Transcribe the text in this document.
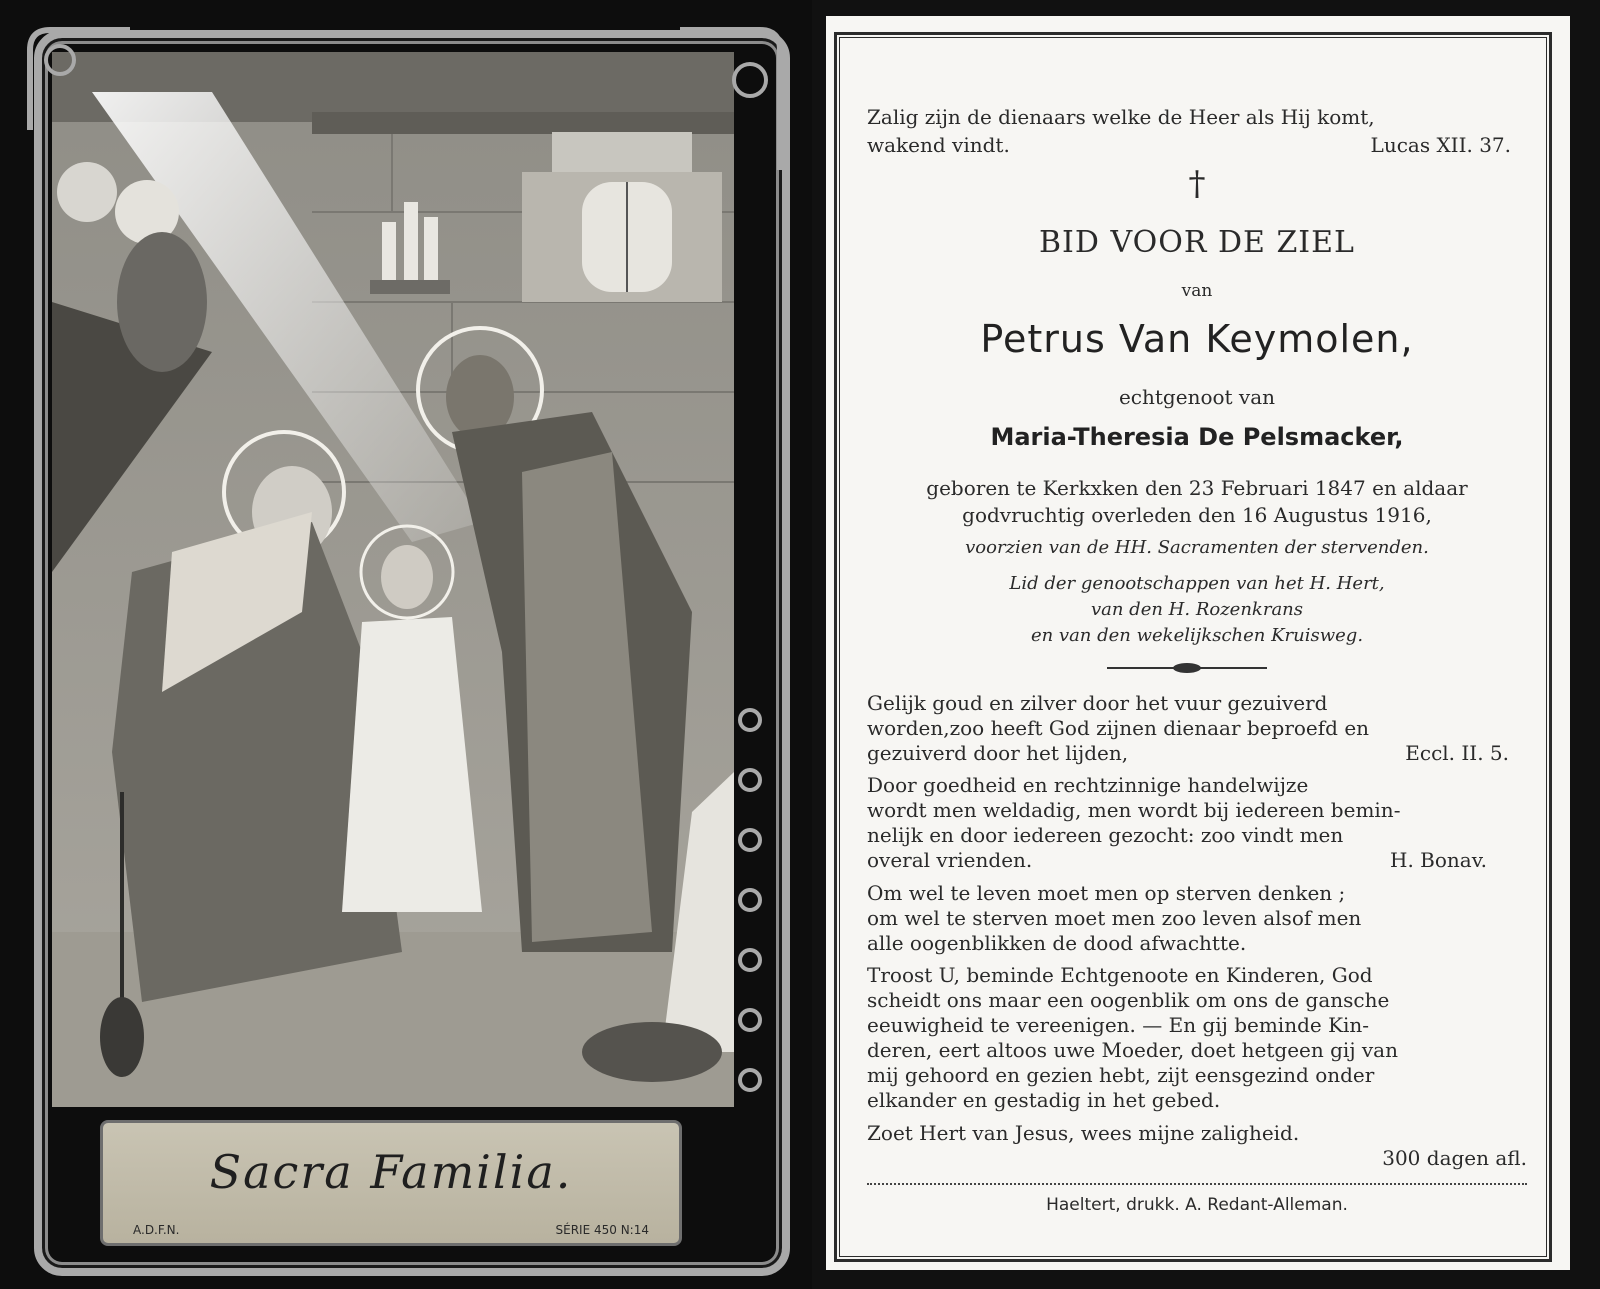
Sacra Familia.
A.D.F.N.	SÉRIE 450 N:14
Zalig zijn de dienaars welke de Heer als Hij komt,
wakend vindt.	Lucas XII. 37.
†
BID VOOR DE ZIEL
van
Petrus Van Keymolen,
echtgenoot van
Maria-Theresia De Pelsmacker,
geboren te Kerkxken den 23 Februari 1847 en aldaar
godvruchtig overleden den 16 Augustus 1916,
voorzien van de HH. Sacramenten der stervenden.
Lid der genootschappen van het H. Hert,
van den H. Rozenkrans
en van den wekelijkschen Kruisweg.
Gelijk goud en zilver door het vuur gezuiverd
worden,zoo heeft God zijnen dienaar beproefd en
gezuiverd door het lijden,	Eccl. II. 5.
Door goedheid en rechtzinnige handelwijze
wordt men weldadig, men wordt bij iedereen bemin-
nelijk en door iedereen gezocht: zoo vindt men
overal vrienden.	H. Bonav.
Om wel te leven moet men op sterven denken ;
om wel te sterven moet men zoo leven alsof men
alle oogenblikken de dood afwachtte.
Troost U, beminde Echtgenoote en Kinderen, God
scheidt ons maar een oogenblik om ons de gansche
eeuwigheid te vereenigen. — En gij beminde Kin-
deren, eert altoos uwe Moeder, doet hetgeen gij van
mij gehoord en gezien hebt, zijt eensgezind onder
elkander en gestadig in het gebed.
Zoet Hert van Jesus, wees mijne zaligheid.
300 dagen afl.
Haeltert, drukk. A. Redant-Alleman.
